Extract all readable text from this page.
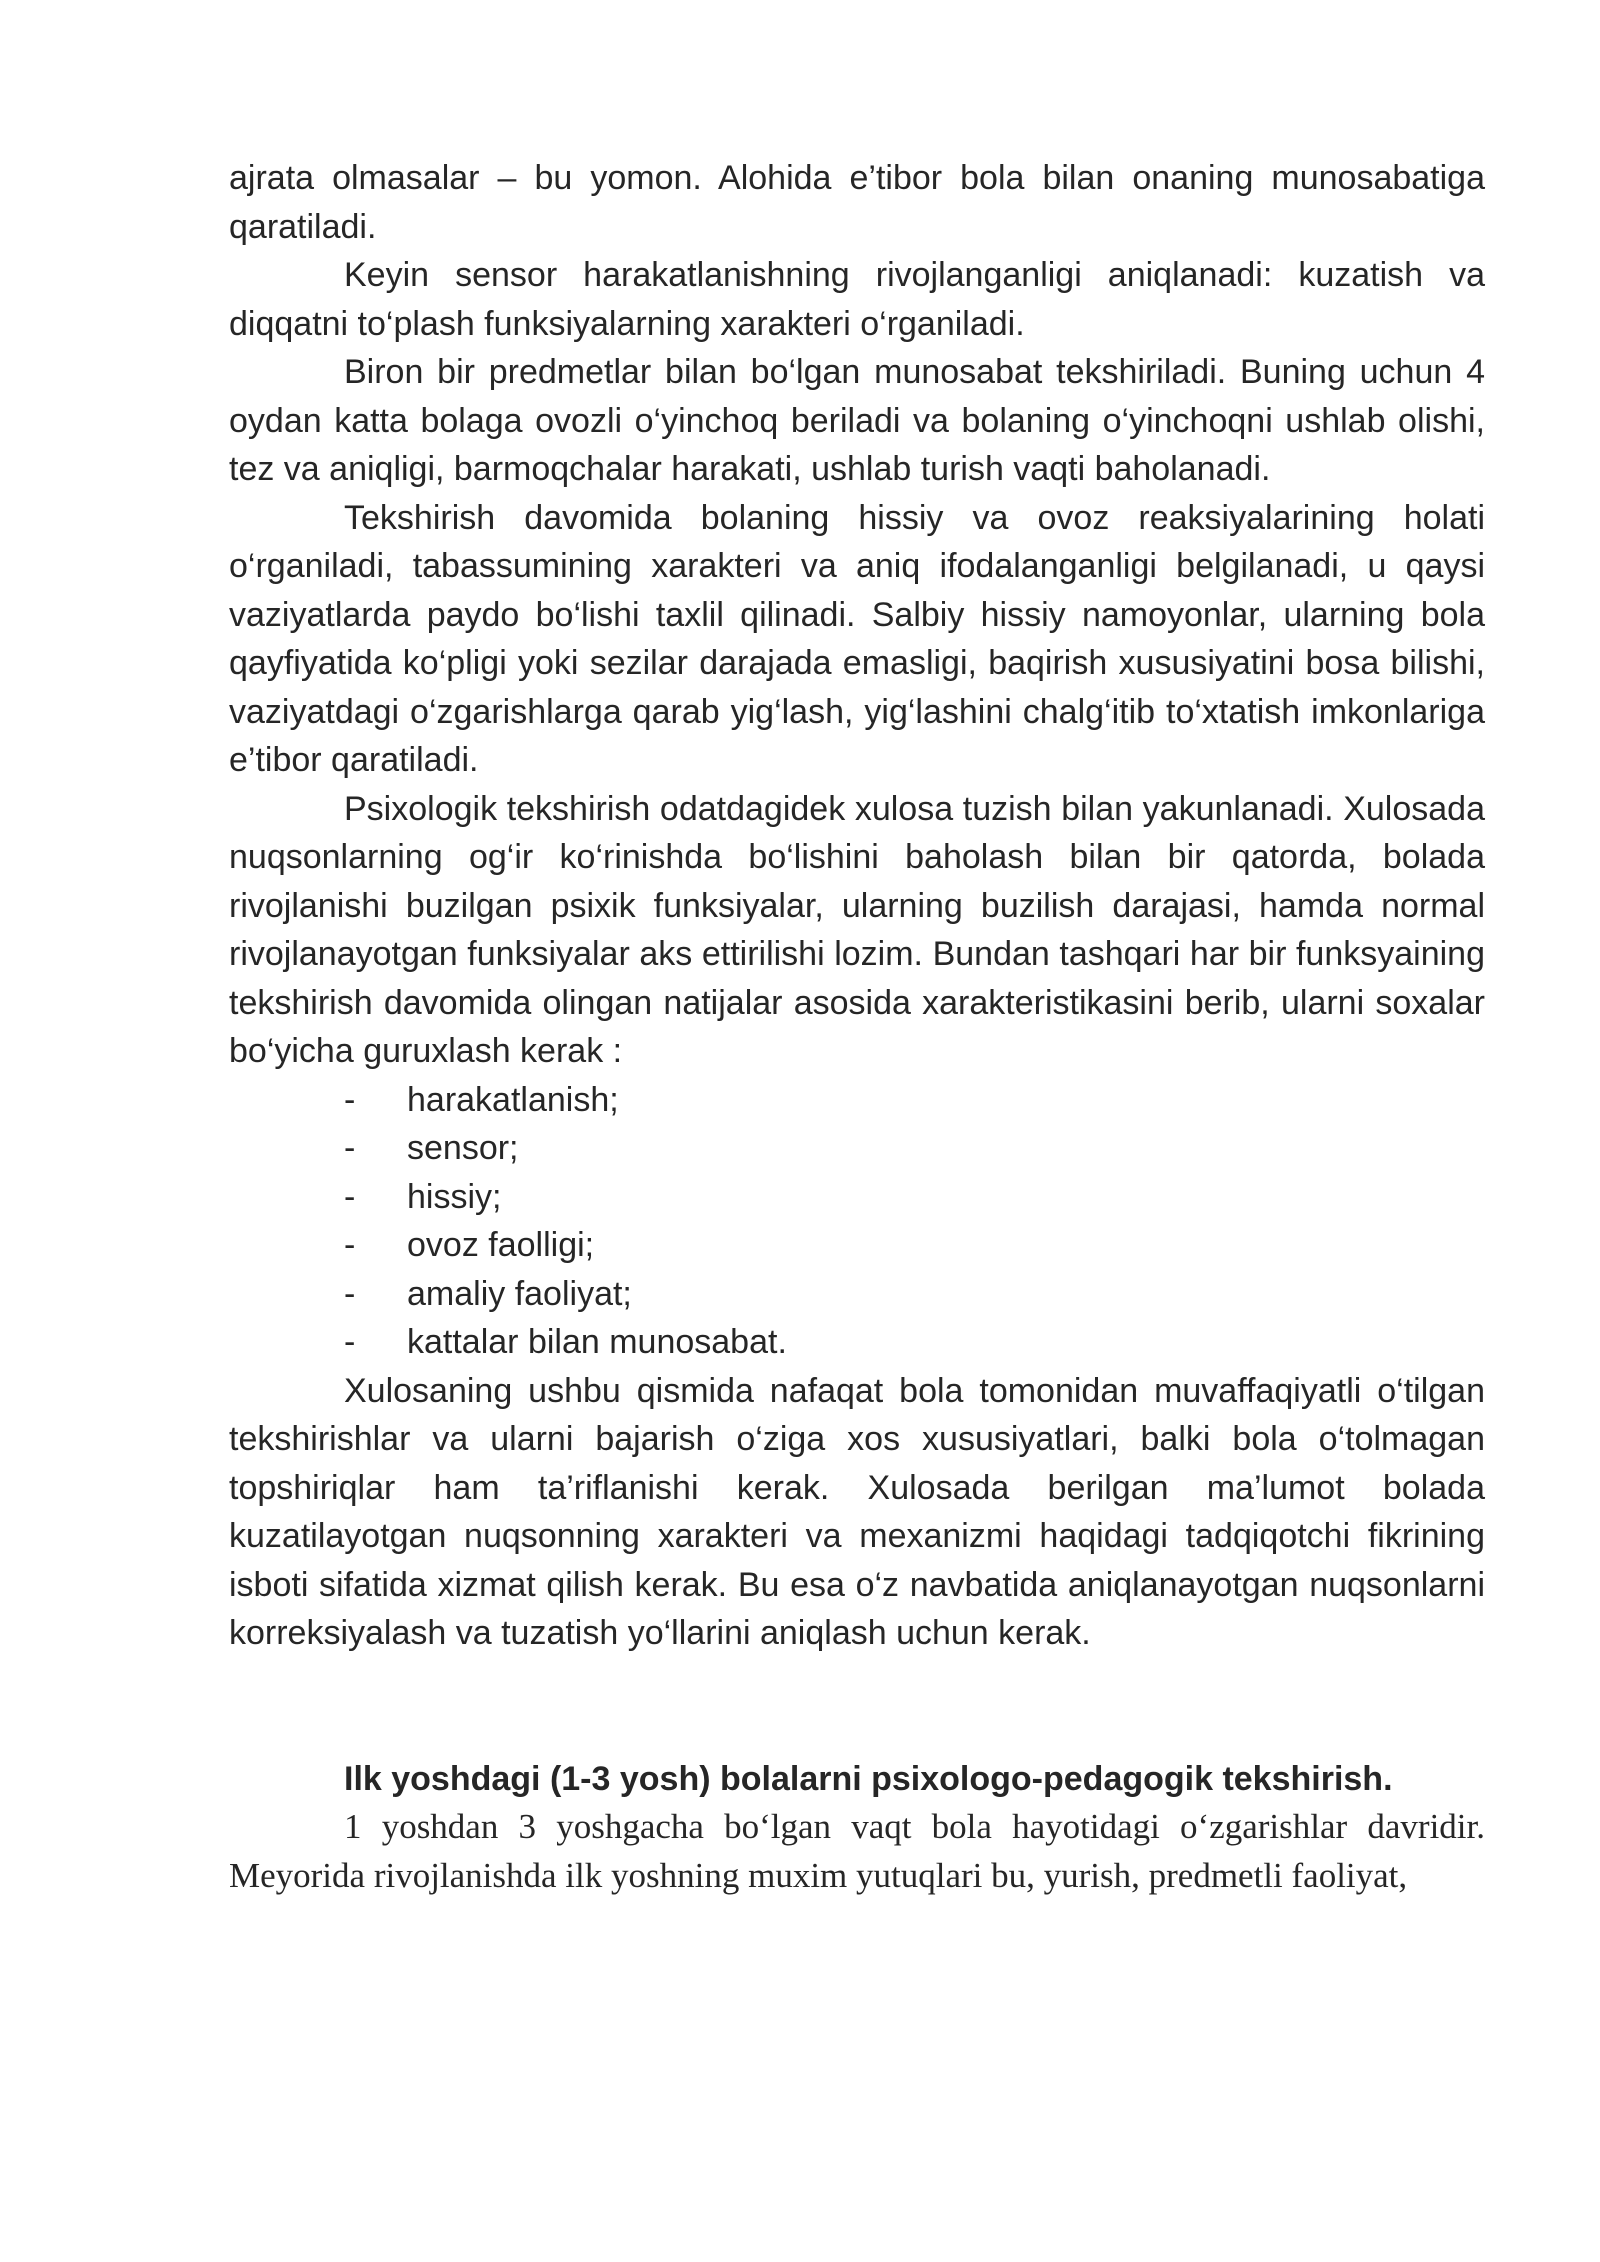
ajrata olmasalar – bu yomon. Alohida e’tibor bola bilan onaning munosabatiga qaratiladi.

Keyin sensor harakatlanishning rivojlanganligi aniqlanadi: kuzatish va diqqatni to‘plash funksiyalarning xarakteri o‘rganiladi.

Biron bir predmetlar bilan bo‘lgan munosabat tekshiriladi. Buning uchun 4 oydan katta bolaga ovozli o‘yinchoq beriladi va bolaning o‘yinchoqni ushlab olishi, tez va aniqligi, barmoqchalar harakati, ushlab turish vaqti baholanadi.

Tekshirish davomida bolaning hissiy va ovoz reaksiyalarining holati o‘rganiladi, tabassumining xarakteri va aniq ifodalanganligi belgilanadi, u qaysi vaziyatlarda paydo bo‘lishi taxlil qilinadi. Salbiy hissiy namoyonlar, ularning bola qayfiyatida ko‘pligi yoki sezilar darajada emasligi, baqirish xususiyatini bosa bilishi, vaziyatdagi o‘zgarishlarga qarab yig‘lash, yig‘lashini chalg‘itib to‘xtatish imkonlariga e’tibor qaratiladi.

Psixologik tekshirish odatdagidek xulosa tuzish bilan yakunlanadi. Xulosada nuqsonlarning og‘ir ko‘rinishda bo‘lishini baholash bilan bir qatorda, bolada rivojlanishi buzilgan psixik funksiyalar, ularning buzilish darajasi, hamda normal rivojlanayotgan funksiyalar aks ettirilishi lozim. Bundan tashqari har bir funksyaining tekshirish davomida olingan natijalar asosida xarakteristikasini berib, ularni soxalar bo‘yicha guruxlash kerak :

- harakatlanish;
- sensor;
- hissiy;
- ovoz faolligi;
- amaliy faoliyat;
- kattalar bilan munosabat.

Xulosaning ushbu qismida nafaqat bola tomonidan muvaffaqiyatli o‘tilgan tekshirishlar va ularni bajarish o‘ziga xos xususiyatlari, balki bola o‘tolmagan topshiriqlar ham ta’riflanishi kerak. Xulosada berilgan ma’lumot bolada kuzatilayotgan nuqsonning xarakteri va mexanizmi haqidagi tadqiqotchi fikrining isboti sifatida xizmat qilish kerak. Bu esa o‘z navbatida aniqlanayotgan nuqsonlarni korreksiyalash va tuzatish yo‘llarini aniqlash uchun kerak.

Ilk yoshdagi (1-3 yosh) bolalarni psixologo-pedagogik tekshirish.

1 yoshdan 3 yoshgacha bo‘lgan vaqt bola hayotidagi o‘zgarishlar davridir. Meyorida rivojlanishda ilk yoshning muxim yutuqlari bu, yurish, predmetli faoliyat,
